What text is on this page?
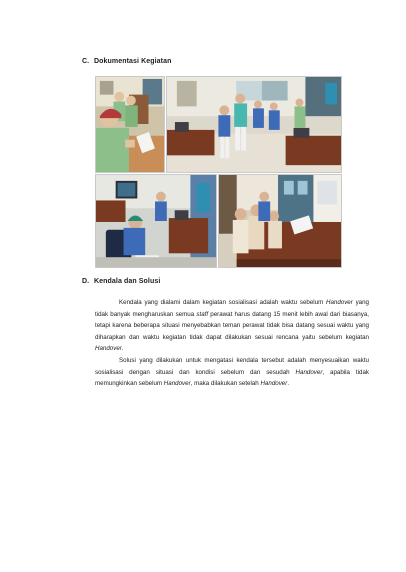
C. Dokumentasi Kegiatan
D. Kendala dan Solusi

Kendala yang dialami dalam kegiatan sosialisasi adalah waktu sebelum Handover yang tidak banyak mengharuskan semua staff perawat harus datang 15 menit lebih awal dari biasanya, tetapi karena beberapa situasi menyebabkan teman perawat tidak bisa datang sesuai waktu yang diharapkan dan waktu kegiatan tidak dapat dilakukan sesuai rencana yaitu sebelum kegiatan Handover.

Solusi yang dilakukan untuk mengatasi kendala tersebut adalah menyesuaikan waktu sosialisasi dengan situasi dan kondisi sebelum dan sesudah Handover, apabila tidak memungkinkan sebelum Handover, maka dilakukan setelah Handover.
